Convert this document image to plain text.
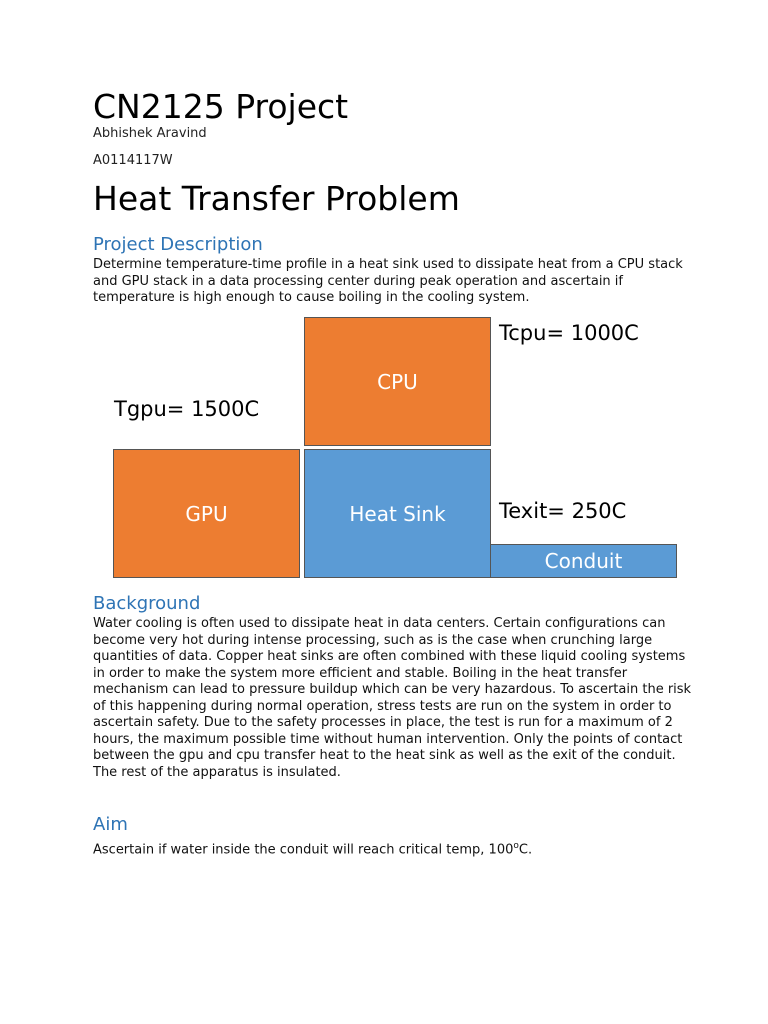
CN2125 Project
Abhishek Aravind
A0114117W
Heat Transfer Problem
Project Description
Determine temperature-time profile in a heat sink used to dissipate heat from a CPU stack and GPU stack in a data processing center during peak operation and ascertain if temperature is high enough to cause boiling in the cooling system.
CPU
GPU	Heat Sink
Conduit
Tcpu= 1000C
Tgpu= 1500C
Texit= 250C
Background
Water cooling is often used to dissipate heat in data centers. Certain configurations can become very hot during intense processing, such as is the case when crunching large quantities of data. Copper heat sinks are often combined with these liquid cooling systems in order to make the system more efficient and stable. Boiling in the heat transfer mechanism can lead to pressure buildup which can be very hazardous. To ascertain the risk of this happening during normal operation, stress tests are run on the system in order to ascertain safety. Due to the safety processes in place, the test is run for a maximum of 2 hours, the maximum possible time without human intervention. Only the points of contact between the gpu and cpu transfer heat to the heat sink as well as the exit of the conduit. The rest of the apparatus is insulated.
Aim
Ascertain if water inside the conduit will reach critical temp, 100$^o$C.
